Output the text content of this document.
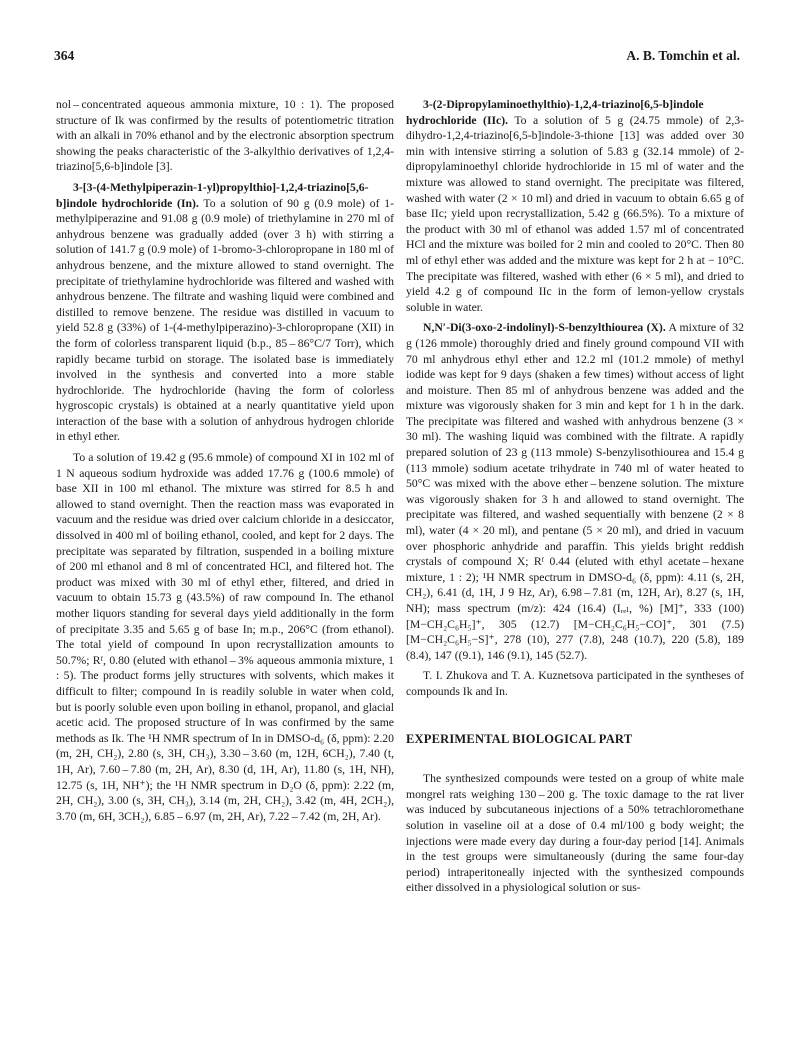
364	A. B. Tomchin et al.

nol – concentrated aqueous ammonia mixture, 10 : 1). The proposed structure of Ik was confirmed by the results of potentiometric titration with an alkali in 70% ethanol and by the electronic absorption spectrum showing the peaks characteristic of the 3-alkylthio derivatives of 1,2,4-triazino[5,6-b]indole [3].

3-[3-(4-Methylpiperazin-1-yl)propylthio]-1,2,4-triazino[5,6-b]indole hydrochloride (In). To a solution of 90 g (0.9 mole) of 1-methylpiperazine and 91.08 g (0.9 mole) of triethylamine in 270 ml of anhydrous benzene was gradually added (over 3 h) with stirring a solution of 141.7 g (0.9 mole) of 1-bromo-3-chloropropane in 180 ml of anhydrous benzene, and the mixture allowed to stand overnight. The precipitate of triethylamine hydrochloride was filtered and washed with anhydrous benzene. The filtrate and washing liquid were combined and distilled to remove benzene. The residue was distilled in vacuum to yield 52.8 g (33%) of 1-(4-methylpiperazino)-3-chloropropane (XII) in the form of colorless transparent liquid (b.p., 85 – 86°C/7 Torr), which rapidly became turbid on storage. The isolated base is immediately involved in the synthesis and converted into a more stable hydrochloride. The hydrochloride (having the form of colorless hygroscopic crystals) is obtained at a nearly quantitative yield upon interaction of the base with a solution of anhydrous hydrogen chloride in ethyl ether.

To a solution of 19.42 g (95.6 mmole) of compound XI in 102 ml of 1 N aqueous sodium hydroxide was added 17.76 g (100.6 mmole) of base XII in 100 ml ethanol. The mixture was stirred for 8.5 h and allowed to stand overnight. Then the reaction mass was evaporated in vacuum and the residue was dried over calcium chloride in a desiccator, dissolved in 400 ml of boiling ethanol, cooled, and kept for 2 days. The precipitate was separated by filtration, suspended in a boiling mixture of 200 ml ethanol and 8 ml of concentrated HCl, and filtered hot. The product was mixed with 30 ml of ethyl ether, filtered, and dried in vacuum to obtain 15.73 g (43.5%) of raw compound In. The ethanol mother liquors standing for several days yield additionally in the form of precipitate 3.35 and 5.65 g of base In; m.p., 206°C (from ethanol). The total yield of compound In upon recrystallization amounts to 50.7%; Rᶠ, 0.80 (eluted with ethanol – 3% aqueous ammonia mixture, 1 : 5). The product forms jelly structures with solvents, which makes it difficult to filter; compound In is readily soluble in water when cold, but is poorly soluble even upon boiling in ethanol, propanol, and glacial acetic acid. The proposed structure of In was confirmed by the same methods as Ik. The ¹H NMR spectrum of In in DMSO-d₆ (δ, ppm): 2.20 (m, 2H, CH₂), 2.80 (s, 3H, CH₃), 3.30 – 3.60 (m, 12H, 6CH₂), 7.40 (t, 1H, Ar), 7.60 – 7.80 (m, 2H, Ar), 8.30 (d, 1H, Ar), 11.80 (s, 1H, NH), 12.75 (s, 1H, NH⁺); the ¹H NMR spectrum in D₂O (δ, ppm): 2.22 (m, 2H, CH₂), 3.00 (s, 3H, CH₃), 3.14 (m, 2H, CH₂), 3.42 (m, 4H, 2CH₂), 3.70 (m, 6H, 3CH₂), 6.85 – 6.97 (m, 2H, Ar), 7.22 – 7.42 (m, 2H, Ar).

3-(2-Dipropylaminoethylthio)-1,2,4-triazino[6,5-b]indole hydrochloride (IIc). To a solution of 5 g (24.75 mmole) of 2,3-dihydro-1,2,4-triazino[6,5-b]indole-3-thione [13] was added over 30 min with intensive stirring a solution of 5.83 g (32.14 mmole) of 2-dipropylaminoethyl chloride hydrochloride in 15 ml of water and the mixture was allowed to stand overnight. The precipitate was filtered, washed with water (2 × 10 ml) and dried in vacuum to obtain 6.65 g of base IIc; yield upon recrystallization, 5.42 g (66.5%). To a mixture of the product with 30 ml of ethanol was added 1.57 ml of concentrated HCl and the mixture was boiled for 2 min and cooled to 20°C. Then 80 ml of ethyl ether was added and the mixture was kept for 2 h at − 10°C. The precipitate was filtered, washed with ether (6 × 5 ml), and dried to yield 4.2 g of compound IIc in the form of lemon-yellow crystals soluble in water.

N,N′-Di(3-oxo-2-indolinyl)-S-benzylthiourea (X). A mixture of 32 g (126 mmole) thoroughly dried and finely ground compound VII with 70 ml anhydrous ethyl ether and 12.2 ml (101.2 mmole) of methyl iodide was kept for 9 days (shaken a few times) without access of light and moisture. Then 85 ml of anhydrous benzene was added and the mixture was vigorously shaken for 3 min and kept for 1 h in the dark. The precipitate was filtered and washed with anhydrous benzene (3 × 30 ml). The washing liquid was combined with the filtrate. A rapidly prepared solution of 23 g (113 mmole) S-benzylisothiourea and 15.4 g (113 mmole) sodium acetate trihydrate in 740 ml of water heated to 50°C was mixed with the above ether – benzene solution. The mixture was vigorously shaken for 3 h and allowed to stand overnight. The precipitate was filtered, and washed sequentially with benzene (2 × 8 ml), water (4 × 20 ml), and pentane (5 × 20 ml), and dried in vacuum over phosphoric anhydride and paraffin. This yields bright reddish crystals of compound X; Rᶠ 0.44 (eluted with ethyl acetate – hexane mixture, 1 : 2); ¹H NMR spectrum in DMSO-d₆ (δ, ppm): 4.11 (s, 2H, CH₂), 6.41 (d, 1H, J 9 Hz, Ar), 6.98 – 7.81 (m, 12H, Ar), 8.27 (s, 1H, NH); mass spectrum (m/z): 424 (16.4) (Iᵣₑₗ, %) [M]⁺, 333 (100) [M−CH₂C₆H₅]⁺, 305 (12.7) [M−CH₂C₆H₅−CO]⁺, 301 (7.5) [M−CH₂C₆H₅−S]⁺, 278 (10), 277 (7.8), 248 (10.7), 220 (5.8), 189 (8.4), 147 ((9.1), 146 (9.1), 145 (52.7).

T. I. Zhukova and T. A. Kuznetsova participated in the syntheses of compounds Ik and In.

EXPERIMENTAL BIOLOGICAL PART

The synthesized compounds were tested on a group of white male mongrel rats weighing 130 – 200 g. The toxic damage to the rat liver was induced by subcutaneous injections of a 50% tetrachloromethane solution in vaseline oil at a dose of 0.4 ml/100 g body weight; the injections were made every day during a four-day period [14]. Animals in the test groups were simultaneously (during the same four-day period) intraperitoneally injected with the synthesized compounds either dissolved in a physiological solution or sus-
